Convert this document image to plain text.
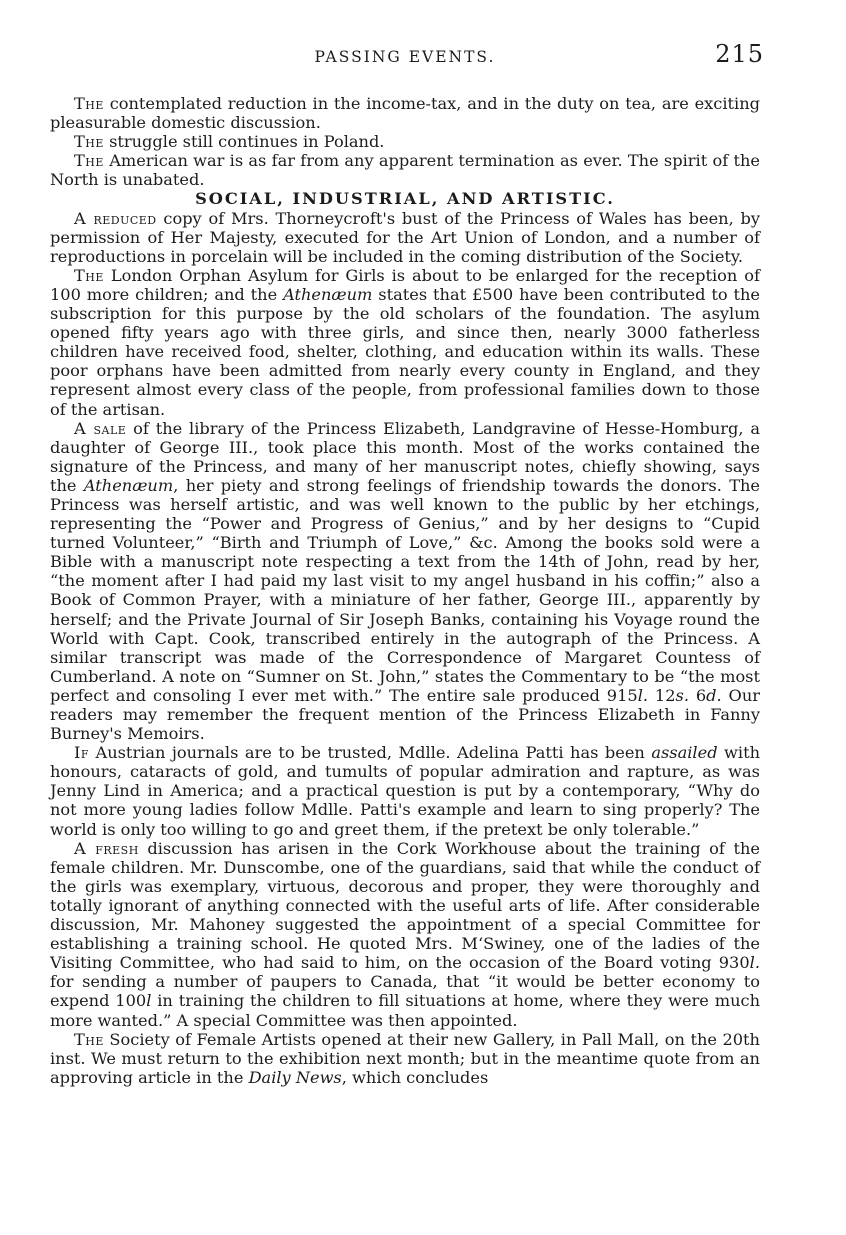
PASSING EVENTS.	215

The contemplated reduction in the income-tax, and in the duty on tea, are exciting pleasurable domestic discussion.

The struggle still continues in Poland.

The American war is as far from any apparent termination as ever. The spirit of the North is unabated.

SOCIAL, INDUSTRIAL, AND ARTISTIC.

A reduced copy of Mrs. Thorneycroft's bust of the Princess of Wales has been, by permission of Her Majesty, executed for the Art Union of London, and a number of reproductions in porcelain will be included in the coming distribution of the Society.

The London Orphan Asylum for Girls is about to be enlarged for the reception of 100 more children; and the Athenæum states that £500 have been contributed to the subscription for this purpose by the old scholars of the foundation. The asylum opened fifty years ago with three girls, and since then, nearly 3000 fatherless children have received food, shelter, clothing, and education within its walls. These poor orphans have been admitted from nearly every county in England, and they represent almost every class of the people, from professional families down to those of the artisan.

A sale of the library of the Princess Elizabeth, Landgravine of Hesse-Homburg, a daughter of George III., took place this month. Most of the works contained the signature of the Princess, and many of her manuscript notes, chiefly showing, says the Athenæum, her piety and strong feelings of friendship towards the donors. The Princess was herself artistic, and was well known to the public by her etchings, representing the “Power and Progress of Genius,” and by her designs to “Cupid turned Volunteer,” “Birth and Triumph of Love,” &c. Among the books sold were a Bible with a manuscript note respecting a text from the 14th of John, read by her, “the moment after I had paid my last visit to my angel husband in his coffin;” also a Book of Common Prayer, with a miniature of her father, George III., apparently by herself; and the Private Journal of Sir Joseph Banks, containing his Voyage round the World with Capt. Cook, transcribed entirely in the autograph of the Princess. A similar transcript was made of the Correspondence of Margaret Countess of Cumberland. A note on “Sumner on St. John,” states the Commentary to be “the most perfect and consoling I ever met with.” The entire sale produced 915l. 12s. 6d. Our readers may remember the frequent mention of the Princess Elizabeth in Fanny Burney's Memoirs.

If Austrian journals are to be trusted, Mdlle. Adelina Patti has been assailed with honours, cataracts of gold, and tumults of popular admiration and rapture, as was Jenny Lind in America; and a practical question is put by a contemporary, “Why do not more young ladies follow Mdlle. Patti's example and learn to sing properly? The world is only too willing to go and greet them, if the pretext be only tolerable.”

A fresh discussion has arisen in the Cork Workhouse about the training of the female children. Mr. Dunscombe, one of the guardians, said that while the conduct of the girls was exemplary, virtuous, decorous and proper, they were thoroughly and totally ignorant of anything connected with the useful arts of life. After considerable discussion, Mr. Mahoney suggested the appointment of a special Committee for establishing a training school. He quoted Mrs. M‘Swiney, one of the ladies of the Visiting Committee, who had said to him, on the occasion of the Board voting 930l. for sending a number of paupers to Canada, that “it would be better economy to expend 100l in training the children to fill situations at home, where they were much more wanted.” A special Committee was then appointed.

The Society of Female Artists opened at their new Gallery, in Pall Mall, on the 20th inst. We must return to the exhibition next month; but in the meantime quote from an approving article in the Daily News, which concludes
